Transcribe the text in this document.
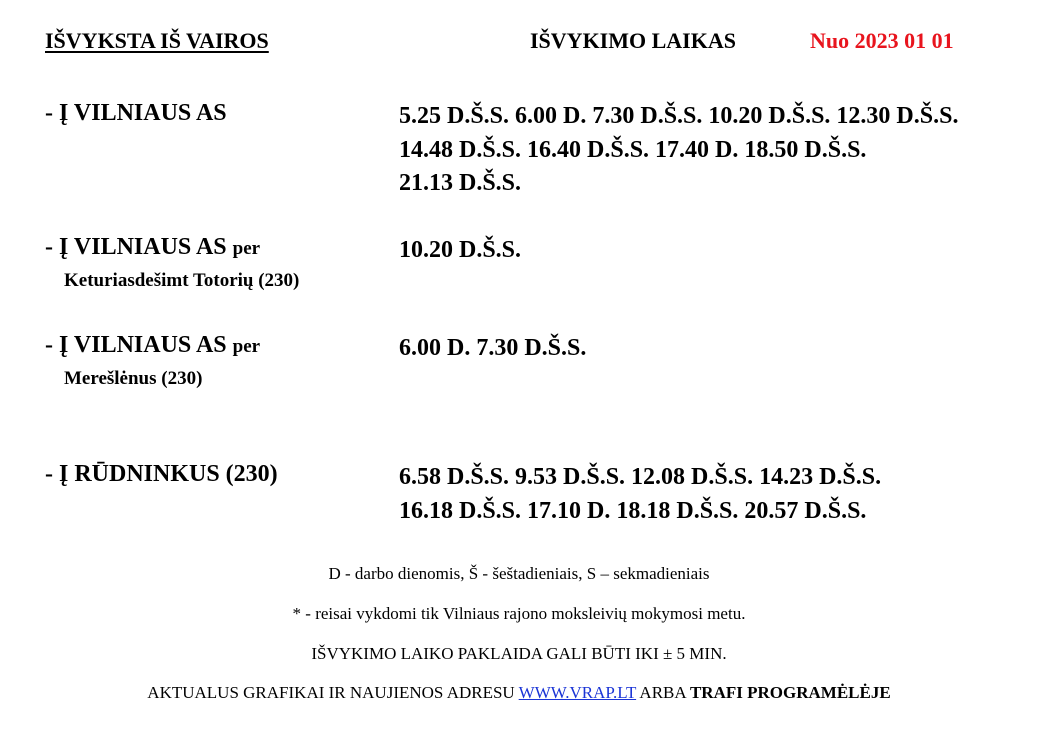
IŠVYKSTA IŠ VAIROS	IŠVYKIMO LAIKAS	Nuo 2023 01 01
- Į VILNIAUS AS	5.25 D.Š.S. 6.00 D. 7.30 D.Š.S. 10.20 D.Š.S. 12.30 D.Š.S.
14.48 D.Š.S. 16.40 D.Š.S. 17.40 D. 18.50 D.Š.S.
21.13 D.Š.S.
- Į VILNIAUS AS per
Keturiasdešimt Totorių (230)
10.20 D.Š.S.
- Į VILNIAUS AS per
Merešlėnus (230)
6.00 D. 7.30 D.Š.S.
- Į RŪDNINKUS (230)	6.58 D.Š.S. 9.53 D.Š.S. 12.08 D.Š.S. 14.23 D.Š.S.
16.18 D.Š.S. 17.10 D. 18.18 D.Š.S. 20.57 D.Š.S.
D - darbo dienomis, Š - šeštadieniais, S – sekmadieniais
* - reisai vykdomi tik Vilniaus rajono moksleivių mokymosi metu.
IŠVYKIMO LAIKO PAKLAIDA GALI BŪTI IKI ± 5 MIN.
AKTUALUS GRAFIKAI IR NAUJIENOS ADRESU WWW.VRAP.LT ARBA TRAFI PROGRAMĖLĖJE
